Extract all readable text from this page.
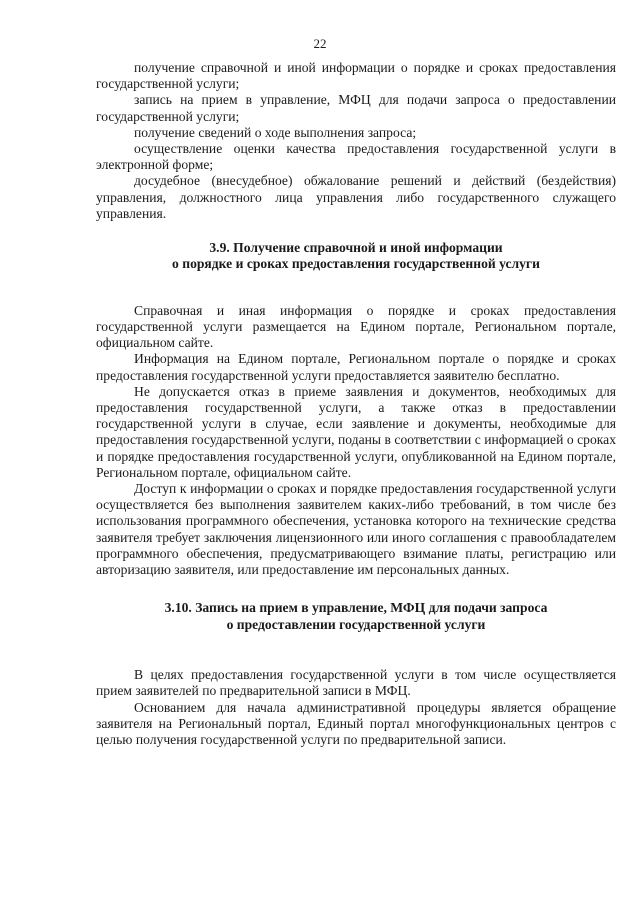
22

получение справочной и иной информации о порядке и сроках предоставления государственной услуги;

запись на прием в управление, МФЦ для подачи запроса о предоставлении государственной услуги;

получение сведений о ходе выполнения запроса;

осуществление оценки качества предоставления государственной услуги в электронной форме;

досудебное (внесудебное) обжалование решений и действий (бездействия) управления, должностного лица управления либо государственного служащего управления.

3.9. Получение справочной и иной информации
о порядке и сроках предоставления государственной услуги

Справочная и иная информация о порядке и сроках предоставления государственной услуги размещается на Едином портале, Региональном портале, официальном сайте.

Информация на Едином портале, Региональном портале о порядке и сроках предоставления государственной услуги предоставляется заявителю бесплатно.

Не допускается отказ в приеме заявления и документов, необходимых для предоставления государственной услуги, а также отказ в предоставлении государственной услуги в случае, если заявление и документы, необходимые для предоставления государственной услуги, поданы в соответствии с информацией о сроках и порядке предоставления государственной услуги, опубликованной на Едином портале, Региональном портале, официальном сайте.

Доступ к информации о сроках и порядке предоставления государственной услуги осуществляется без выполнения заявителем каких-либо требований, в том числе без использования программного обеспечения, установка которого на технические средства заявителя требует заключения лицензионного или иного соглашения с правообладателем программного обеспечения, предусматривающего взимание платы, регистрацию или авторизацию заявителя, или предоставление им персональных данных.

3.10. Запись на прием в управление, МФЦ для подачи запроса
о предоставлении государственной услуги

В целях предоставления государственной услуги в том числе осуществляется прием заявителей по предварительной записи в МФЦ.

Основанием для начала административной процедуры является обращение заявителя на Региональный портал, Единый портал многофункциональных центров с целью получения государственной услуги по предварительной записи.
